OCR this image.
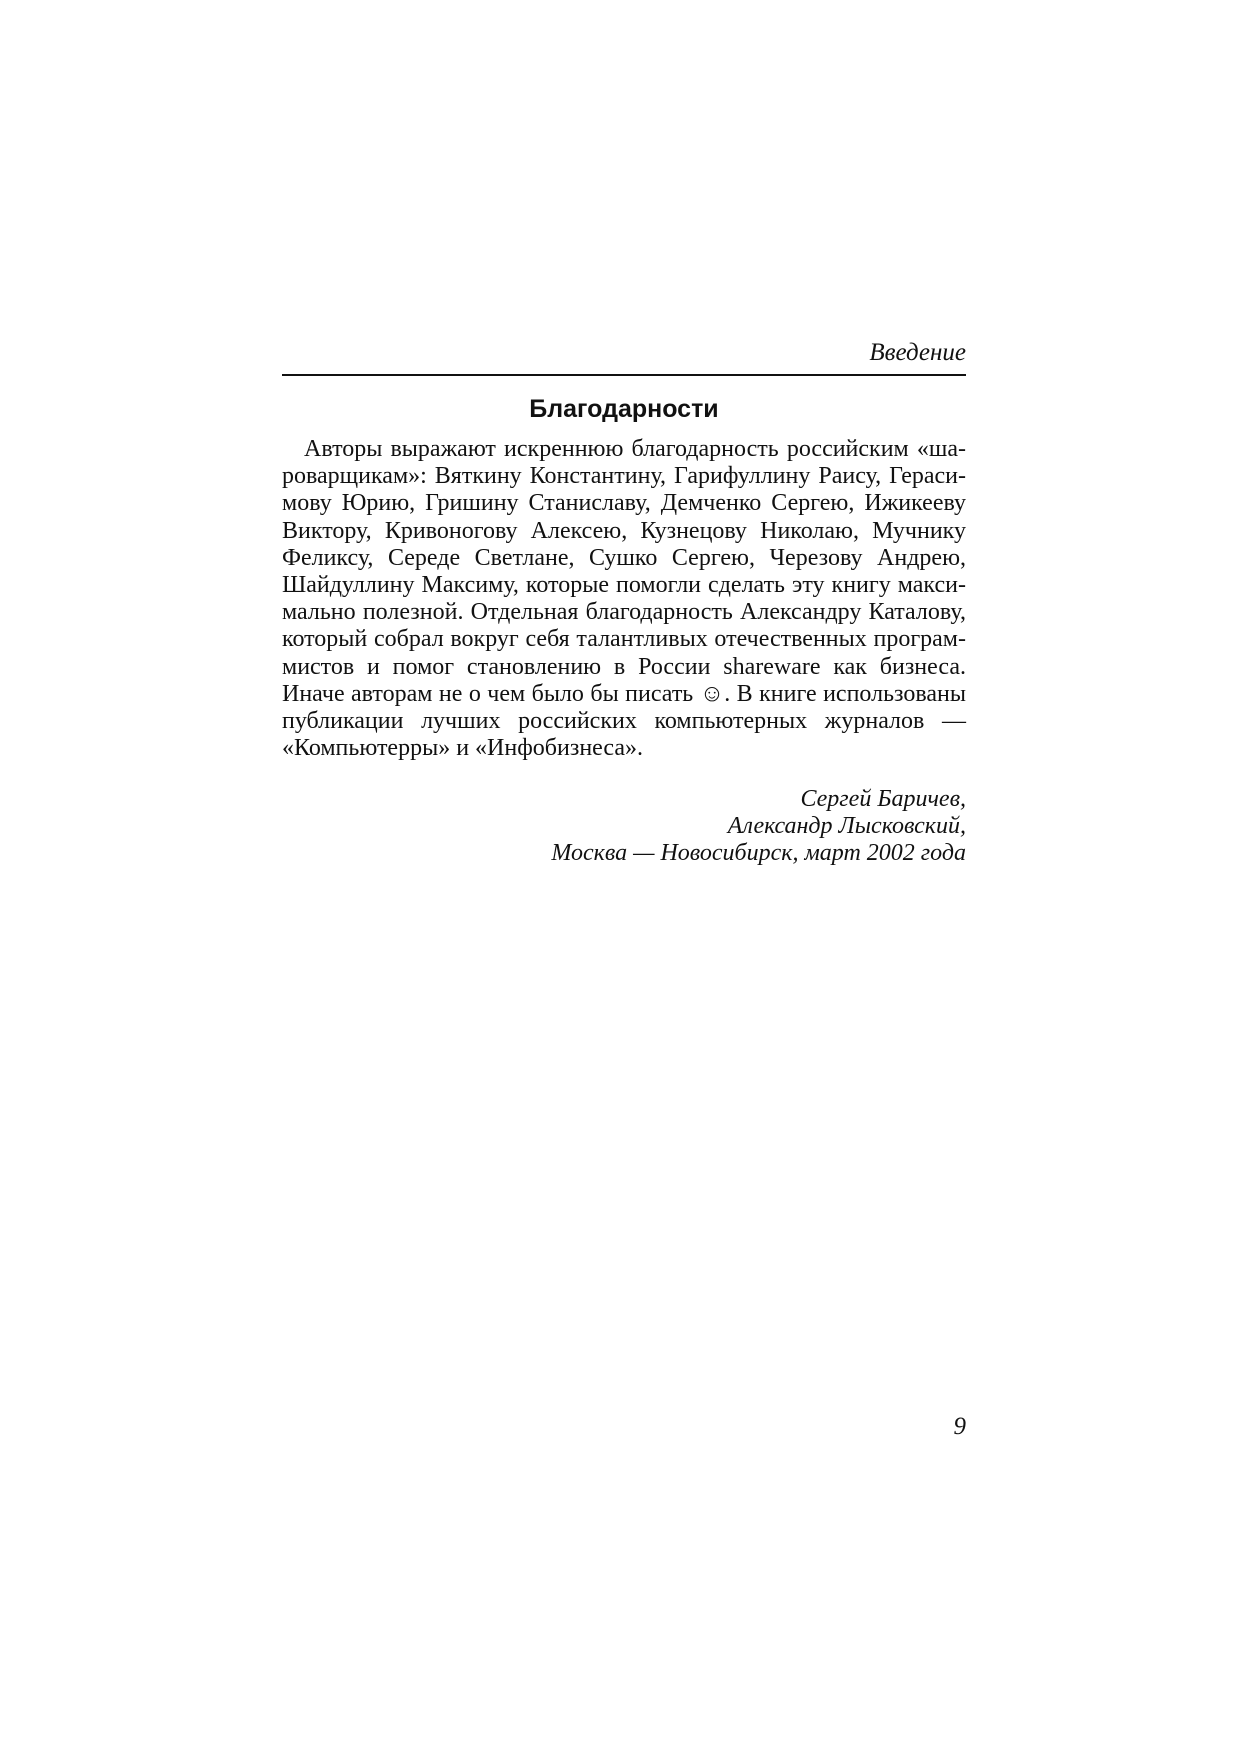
Введение
Благодарности

Авторы выражают искреннюю благодарность российским «шароварщикам»: Вяткину Константину, Гарифуллину Раису, Герасимову Юрию, Гришину Станиславу, Демченко Сергею, Ижикееву Виктору, Кривоногову Алексею, Кузнецову Николаю, Мучнику Феликсу, Середе Светлане, Сушко Сергею, Черезову Андрею, Шайдуллину Максиму, которые помогли сделать эту книгу максимально полезной. Отдельная благодарность Александру Каталову, который собрал вокруг себя талантливых отечественных программистов и помог становлению в России shareware как бизнеса. Иначе авторам не о чем было бы писать ☺. В книге использованы публикации лучших российских компьютерных журналов — «Компьютерры» и «Инфобизнеса».

Сергей Баричев,
Александр Лысковский,
Москва — Новосибирск, март 2002 года
9
